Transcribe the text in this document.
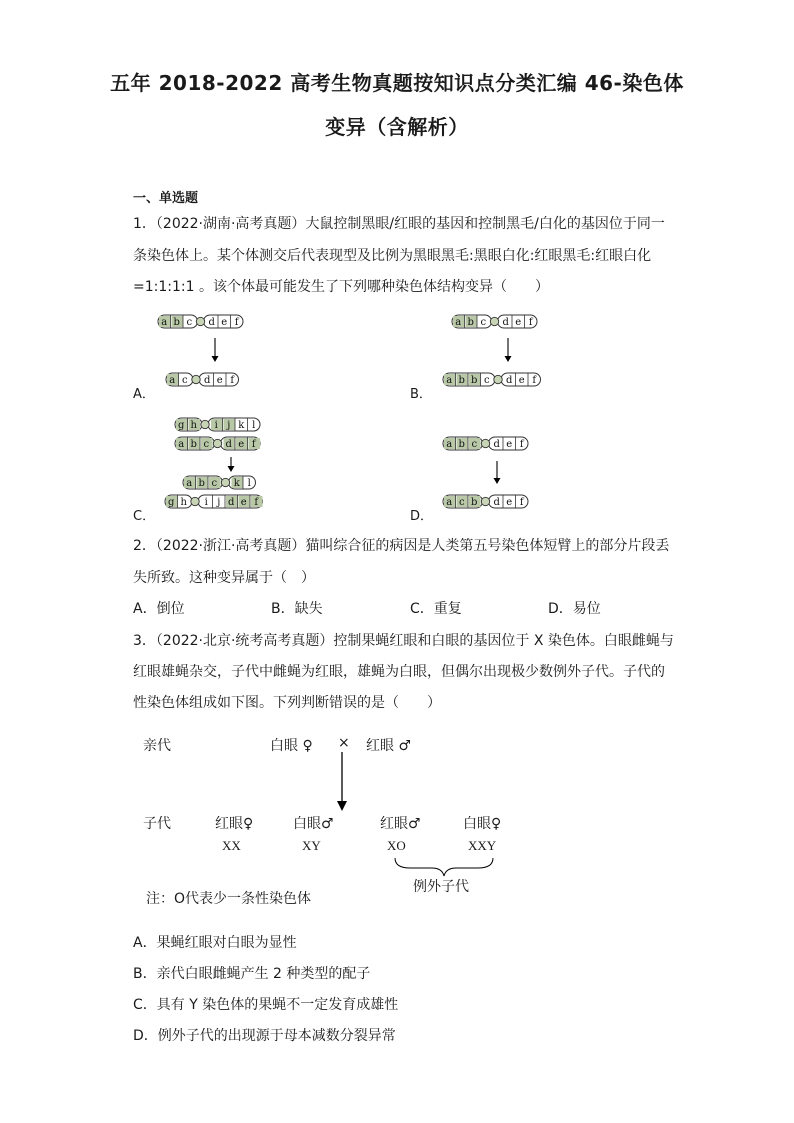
五年 2018-2022 高考生物真题按知识点分类汇编 46-染色体
变异（含解析）
一、单选题
1．（2022·湖南·高考真题）大鼠控制黑眼/红眼的基因和控制黑毛/白化的基因位于同一
条染色体上。某个体测交后代表现型及比例为黑眼黑毛:黑眼白化:红眼黑毛:红眼白化
=1:1:1:1 。该个体最可能发生了下列哪种染色体结构变异（　　）
a b c d e f
a c d e f
a b c d e f
a b b c d e f
g h i j k l
a b c d e f
a b c k l
g h i j d e f
a b c d e f
a c b d e f
A．	B．
C．	D．
2．（2022·浙江·高考真题）猫叫综合征的病因是人类第五号染色体短臂上的部分片段丢
失所致。这种变异属于（　）
A．倒位	B．缺失	C．重复	D．易位
3．（2022·北京·统考高考真题）控制果蝇红眼和白眼的基因位于 X 染色体。白眼雌蝇与
红眼雄蝇杂交，子代中雌蝇为红眼，雄蝇为白眼，但偶尔出现极少数例外子代。子代的
性染色体组成如下图。下列判断错误的是（　　）
亲代	白眼 ♀ × 红眼 ♂
子代	红眼♀	白眼♂	红眼♂	白眼♀
XX	XY	XO	XXY
例外子代
注：O代表少一条性染色体
A．果蝇红眼对白眼为显性
B．亲代白眼雌蝇产生 2 种类型的配子
C．具有 Y 染色体的果蝇不一定发育成雄性
D．例外子代的出现源于母本减数分裂异常
